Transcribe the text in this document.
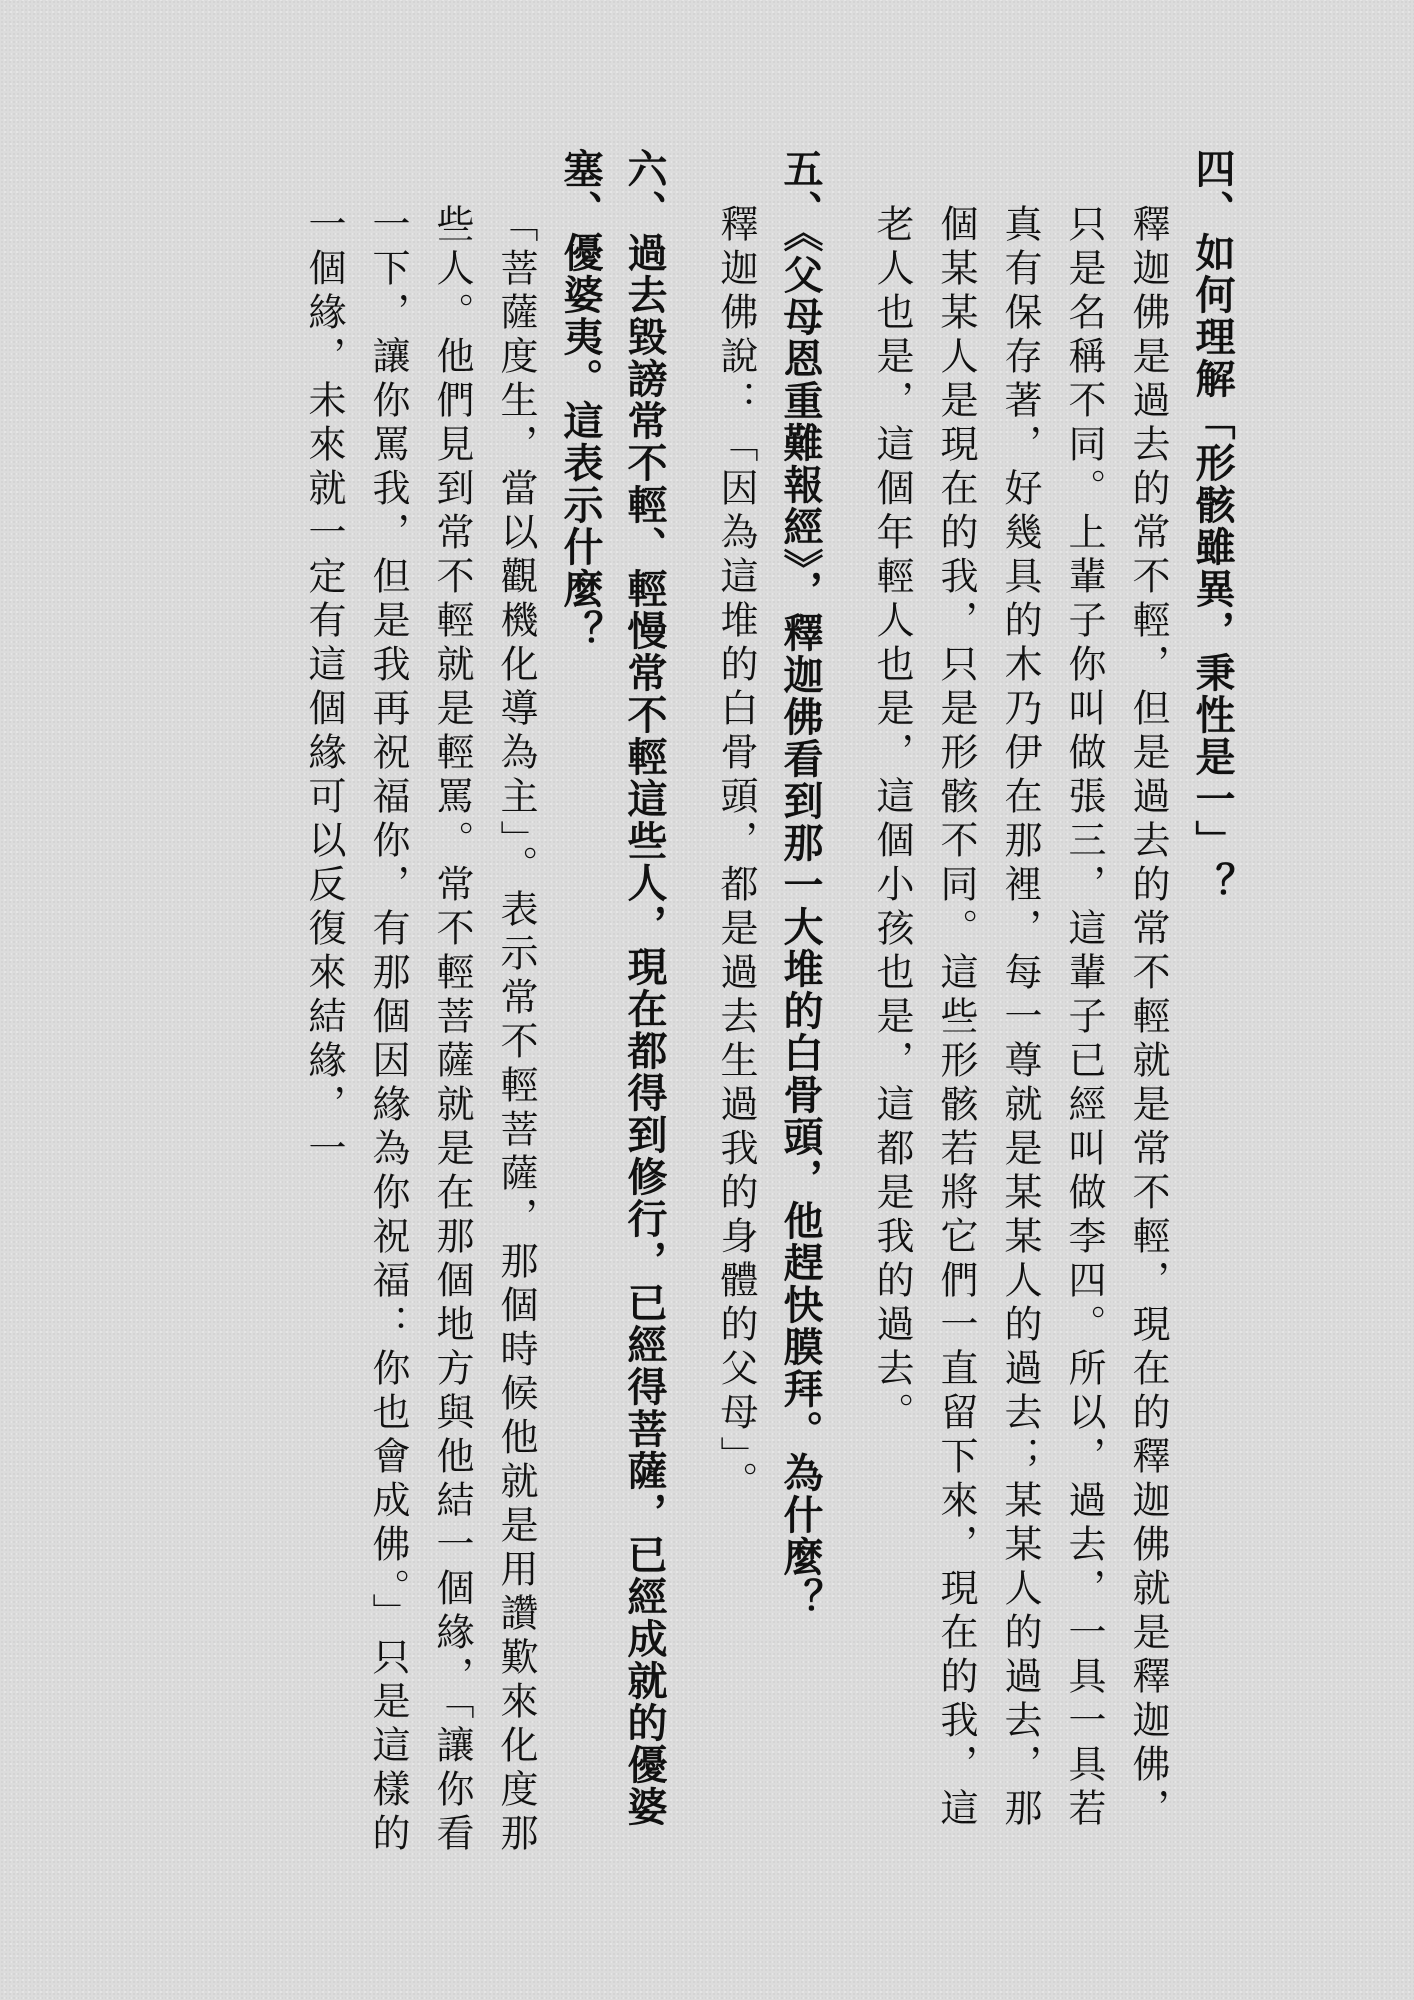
四、如何理解「形骸雖異，秉性是一」？

釋迦佛是過去的常不輕，但是過去的常不輕就是常不輕，現在的釋迦佛就是釋迦佛，只是名稱不同。上輩子你叫做張三，這輩子已經叫做李四。所以，過去，一具一具若真有保存著，好幾具的木乃伊在那裡，每一尊就是某某人的過去；某某人的過去，那個某某人是現在的我，只是形骸不同。這些形骸若將它們一直留下來，現在的我，這老人也是，這個年輕人也是，這個小孩也是，這都是我的過去。

五、《父母恩重難報經》，釋迦佛看到那一大堆的白骨頭，他趕快膜拜。為什麼？

釋迦佛說：「因為這堆的白骨頭，都是過去生過我的身體的父母」。

六、過去毀謗常不輕、輕慢常不輕這些人，現在都得到修行，已經得菩薩，已經成就的優婆塞、優婆夷。這表示什麼？

「菩薩度生，當以觀機化導為主」。表示常不輕菩薩，那個時候他就是用讚歎來化度那些人。他們見到常不輕就是輕罵。常不輕菩薩就是在那個地方與他結一個緣，「讓你看一下，讓你罵我，但是我再祝福你，有那個因緣為你祝福：你也會成佛。」只是這樣的一個緣，未來就一定有這個緣可以反復來結緣，一
